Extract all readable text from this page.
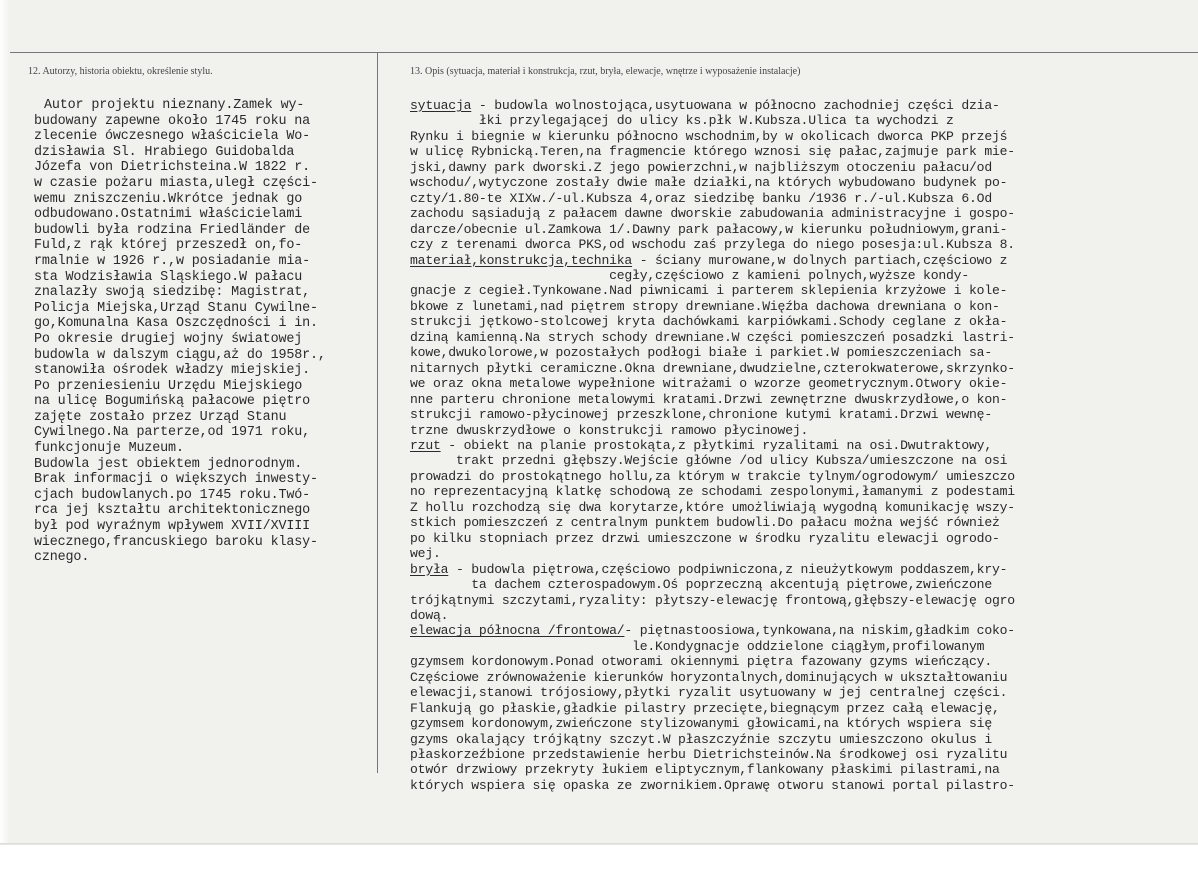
12. Autorzy, historia obiektu, określenie stylu.	13. Opis (sytuacja, materiał i konstrukcja, rzut, bryła, elewacje, wnętrze i wyposażenie instalacje)
Autor projektu nieznany.Zamek wy-
budowany zapewne około 1745 roku na
zlecenie ówczesnego właściciela Wo-
dzisławia Śl. Hrabiego Guidobalda
Józefa von Dietrichsteina.W 1822 r.
w czasie pożaru miasta,uległ części-
wemu zniszczeniu.Wkrótce jednak go
odbudowano.Ostatnimi właścicielami
budowli była rodzina Friedländer de
Fuld,z rąk której przeszedł on,fo-
rmalnie w 1926 r.,w posiadanie mia-
sta Wodzisławia Śląskiego.W pałacu
znalazły swoją siedzibę: Magistrat,
Policja Miejska,Urząd Stanu Cywilne-
go,Komunalna Kasa Oszczędności i in.
Po okresie drugiej wojny światowej
budowla w dalszym ciągu,aż do 1958r.,
stanowiła ośrodek władzy miejskiej.
Po przeniesieniu Urzędu Miejskiego
na ulicę Bogumińską pałacowe piętro
zajęte zostało przez Urząd Stanu
Cywilnego.Na parterze,od 1971 roku,
funkcjonuje Muzeum.
Budowla jest obiektem jednorodnym.
Brak informacji o większych inwesty-
cjach budowlanych.po 1745 roku.Twó-
rca jej kształtu architektonicznego
był pod wyraźnym wpływem XVII/XVIII
wiecznego,francuskiego baroku klasy-
cznego.
sytuacja - budowla wolnostojąca,usytuowana w północno zachodniej części dzia-
łki przylegającej do ulicy ks.płk W.Kubsza.Ulica ta wychodzi z
Rynku i biegnie w kierunku północno wschodnim,by w okolicach dworca PKP przejś
w ulicę Rybnicką.Teren,na fragmencie którego wznosi się pałac,zajmuje park mie-
jski,dawny park dworski.Z jego powierzchni,w najbliższym otoczeniu pałacu/od
wschodu/,wytyczone zostały dwie małe działki,na których wybudowano budynek po-
czty/1.80-te XIXw./-ul.Kubsza 4,oraz siedzibę banku /1936 r./-ul.Kubsza 6.Od
zachodu sąsiadują z pałacem dawne dworskie zabudowania administracyjne i gospo-
darcze/obecnie ul.Zamkowa 1/.Dawny park pałacowy,w kierunku południowym,grani-
czy z terenami dworca PKS,od wschodu zaś przylega do niego posesja:ul.Kubsza 8.
materiał,konstrukcja,technika - ściany murowane,w dolnych partiach,częściowo z
cegły,częściowo z kamieni polnych,wyższe kondy-
gnacje z cegieł.Tynkowane.Nad piwnicami i parterem sklepienia krzyżowe i kole-
bkowe z lunetami,nad piętrem stropy drewniane.Więźba dachowa drewniana o kon-
strukcji jętkowo-stolcowej kryta dachówkami karpiówkami.Schody ceglane z okła-
dziną kamienną.Na strych schody drewniane.W części pomieszczeń posadzki lastri-
kowe,dwukolorowe,w pozostałych podłogi białe i parkiet.W pomieszczeniach sa-
nitarnych płytki ceramiczne.Okna drewniane,dwudzielne,czterokwaterowe,skrzynko-
we oraz okna metalowe wypełnione witrażami o wzorze geometrycznym.Otwory okie-
nne parteru chronione metalowymi kratami.Drzwi zewnętrzne dwuskrzydłowe,o kon-
strukcji ramowo-płycinowej przeszklone,chronione kutymi kratami.Drzwi wewnę-
trzne dwuskrzydłowe o konstrukcji ramowo płycinowej.
rzut - obiekt na planie prostokąta,z płytkimi ryzalitami na osi.Dwutraktowy,
trakt przedni głębszy.Wejście główne /od ulicy Kubsza/umieszczone na osi
prowadzi do prostokątnego hollu,za którym w trakcie tylnym/ogrodowym/ umieszczo
no reprezentacyjną klatkę schodową ze schodami zespolonymi,łamanymi z podestami
Z hollu rozchodzą się dwa korytarze,które umożliwiają wygodną komunikację wszy-
stkich pomieszczeń z centralnym punktem budowli.Do pałacu można wejść również
po kilku stopniach przez drzwi umieszczone w środku ryzalitu elewacji ogrodo-
wej.
bryła - budowla piętrowa,częściowo podpiwniczona,z nieużytkowym poddaszem,kry-
ta dachem czterospadowym.Oś poprzeczną akcentują piętrowe,zwieńczone
trójkątnymi szczytami,ryzality: płytszy-elewację frontową,głębszy-elewację ogro
dową.
elewacja północna /frontowa/- piętnastoosiowa,tynkowana,na niskim,gładkim coko-
le.Kondygnacje oddzielone ciągłym,profilowanym
gzymsem kordonowym.Ponad otworami okiennymi piętra fazowany gzyms wieńczący.
Częściowe zrównoważenie kierunków horyzontalnych,dominujących w ukształtowaniu
elewacji,stanowi trójosiowy,płytki ryzalit usytuowany w jej centralnej części.
Flankują go płaskie,gładkie pilastry przecięte,biegnącym przez całą elewację,
gzymsem kordonowym,zwieńczone stylizowanymi głowicami,na których wspiera się
gzyms okalający trójkątny szczyt.W płaszczyźnie szczytu umieszczono okulus i
płaskorzeźbione przedstawienie herbu Dietrichsteinów.Na środkowej osi ryzalitu
otwór drzwiowy przekryty łukiem eliptycznym,flankowany płaskimi pilastrami,na
których wspiera się opaska ze zwornikiem.Oprawę otworu stanowi portal pilastro-
